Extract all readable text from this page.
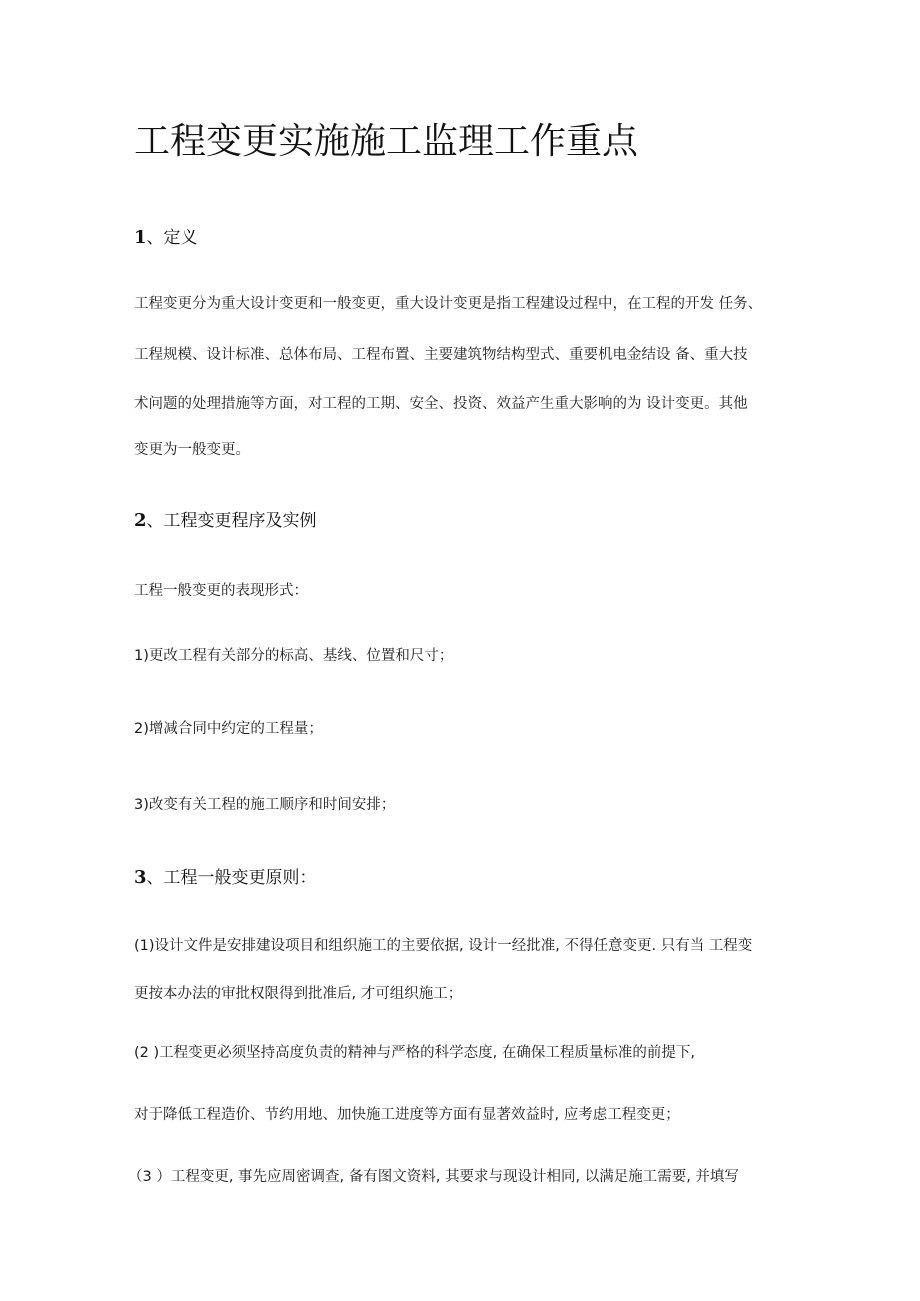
工程变更实施施工监理工作重点
1、定义

工程变更分为重大设计变更和一般变更，重大设计变更是指工程建设过程中，在工程的开发 任务、

工程规模、设计标准、总体布局、工程布置、主要建筑物结构型式、重要机电金结设 备、重大技

术问题的处理措施等方面，对工程的工期、安全、投资、效益产生重大影响的为 设计变更。其他

变更为一般变更。

2、工程变更程序及实例

工程一般变更的表现形式：

1)更改工程有关部分的标高、基线、位置和尺寸；
2)增减合同中约定的工程量；
3)改变有关工程的施工顺序和时间安排；
3、工程一般变更原则：

(1)设计文件是安排建设项目和组织施工的主要依据, 设计一经批准, 不得任意变更. 只有当 工程变

更按本办法的审批权限得到批准后, 才可组织施工；

(2 )工程变更必须坚持高度负责的精神与严格的科学态度, 在确保工程质量标准的前提下,

对于降低工程造价、节约用地、加快施工进度等方面有显著效益时, 应考虑工程变更；

（3 ）工程变更, 事先应周密调查, 备有图文资料, 其要求与现设计相同, 以满足施工需要, 并填写
